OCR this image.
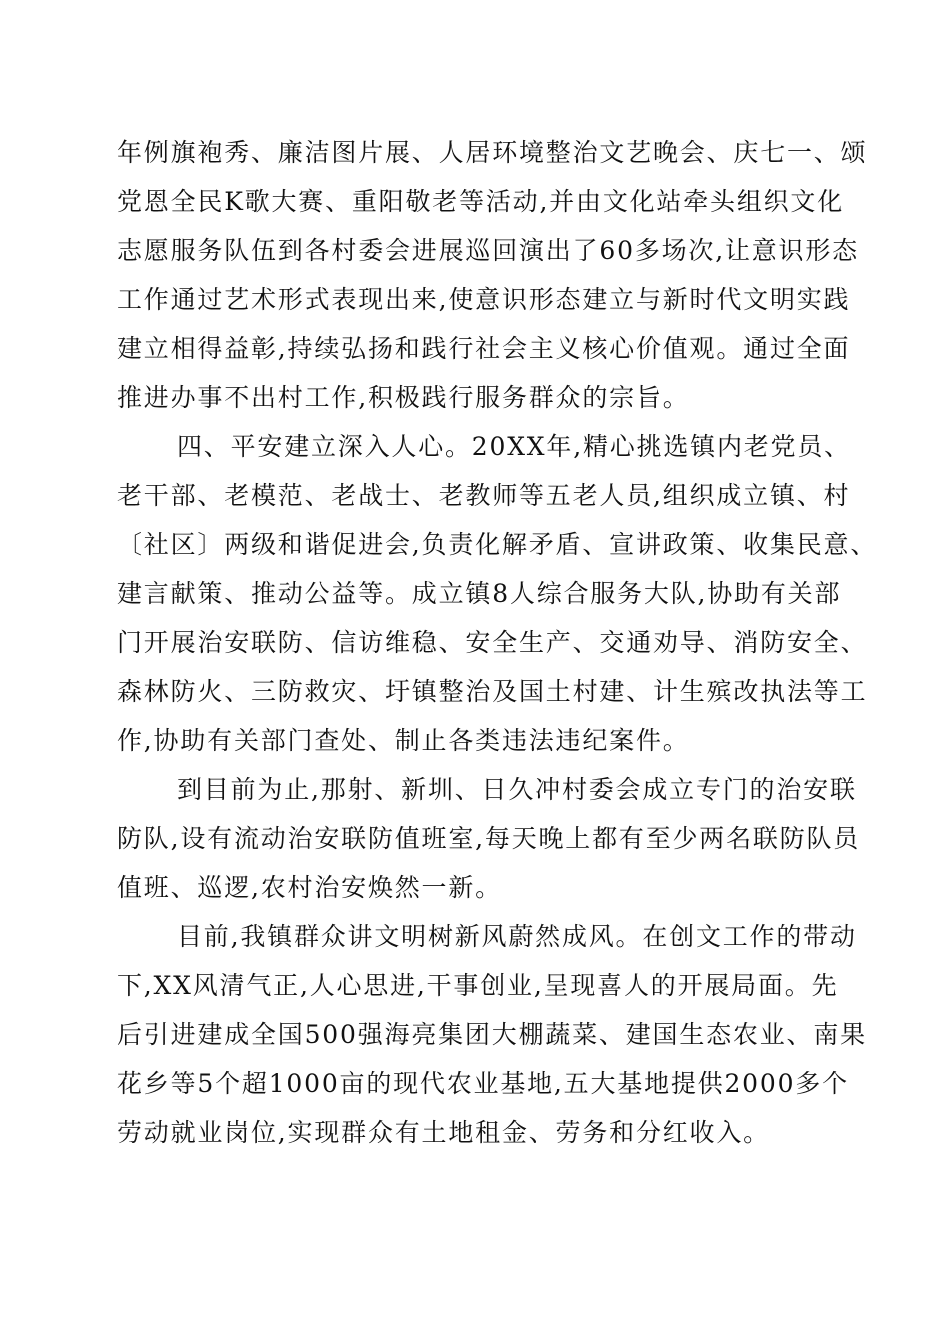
年例旗袍秀、廉洁图片展、人居环境整治文艺晚会、庆七一、颂
党恩全民K歌大赛、重阳敬老等活动,并由文化站牵头组织文化
志愿服务队伍到各村委会进展巡回演出了60多场次,让意识形态
工作通过艺术形式表现出来,使意识形态建立与新时代文明实践
建立相得益彰,持续弘扬和践行社会主义核心价值观。通过全面
推进办事不出村工作,积极践行服务群众的宗旨。
四、平安建立深入人心。20XX年,精心挑选镇内老党员、
老干部、老模范、老战士、老教师等五老人员,组织成立镇、村
〔社区〕两级和谐促进会,负责化解矛盾、宣讲政策、收集民意、
建言献策、推动公益等。成立镇8人综合服务大队,协助有关部
门开展治安联防、信访维稳、安全生产、交通劝导、消防安全、
森林防火、三防救灾、圩镇整治及国土村建、计生殡改执法等工
作,协助有关部门查处、制止各类违法违纪案件。
到目前为止,那射、新圳、日久冲村委会成立专门的治安联
防队,设有流动治安联防值班室,每天晚上都有至少两名联防队员
值班、巡逻,农村治安焕然一新。
目前,我镇群众讲文明树新风蔚然成风。在创文工作的带动
下,XX风清气正,人心思进,干事创业,呈现喜人的开展局面。先
后引进建成全国500强海亮集团大棚蔬菜、建国生态农业、南果
花乡等5个超1000亩的现代农业基地,五大基地提供2000多个
劳动就业岗位,实现群众有土地租金、劳务和分红收入。
